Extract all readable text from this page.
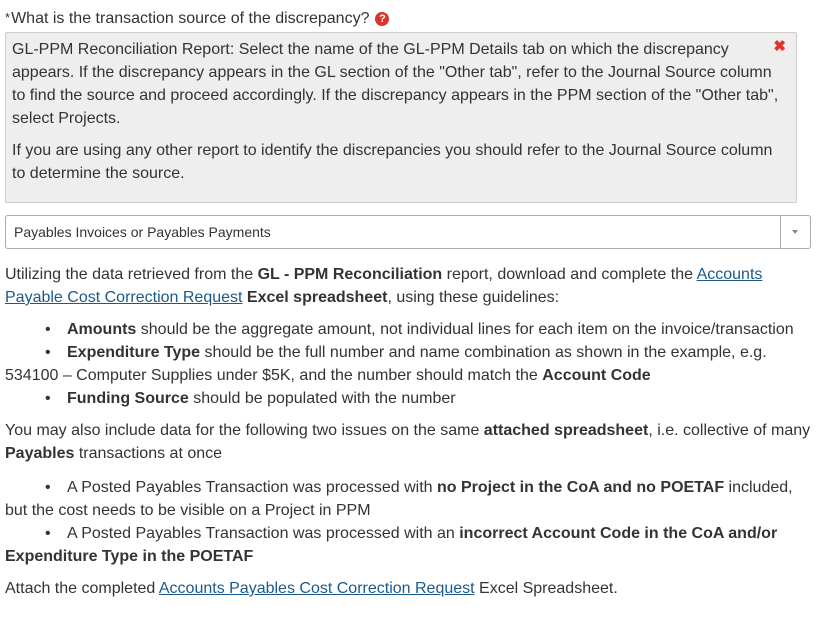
*What is the transaction source of the discrepancy? ?

GL-PPM Reconciliation Report: Select the name of the GL-PPM Details tab on which the discrepancy appears. If the discrepancy appears in the GL section of the "Other tab", refer to the Journal Source column to find the source and proceed accordingly. If the discrepancy appears in the PPM section of the "Other tab", select Projects.

If you are using any other report to identify the discrepancies you should refer to the Journal Source column to determine the source.

✖
Payables Invoices or Payables Payments

Utilizing the data retrieved from the GL - PPM Reconciliation report, download and complete the Accounts Payable Cost Correction Request Excel spreadsheet, using these guidelines:

• Amounts should be the aggregate amount, not individual lines for each item on the invoice/transaction
• Expenditure Type should be the full number and name combination as shown in the example, e.g. 534100 – Computer Supplies under $5K, and the number should match the Account Code
• Funding Source should be populated with the number

You may also include data for the following two issues on the same attached spreadsheet, i.e. collective of many Payables transactions at once

• A Posted Payables Transaction was processed with no Project in the CoA and no POETAF included, but the cost needs to be visible on a Project in PPM
• A Posted Payables Transaction was processed with an incorrect Account Code in the CoA and/or Expenditure Type in the POETAF

Attach the completed Accounts Payables Cost Correction Request Excel Spreadsheet.
